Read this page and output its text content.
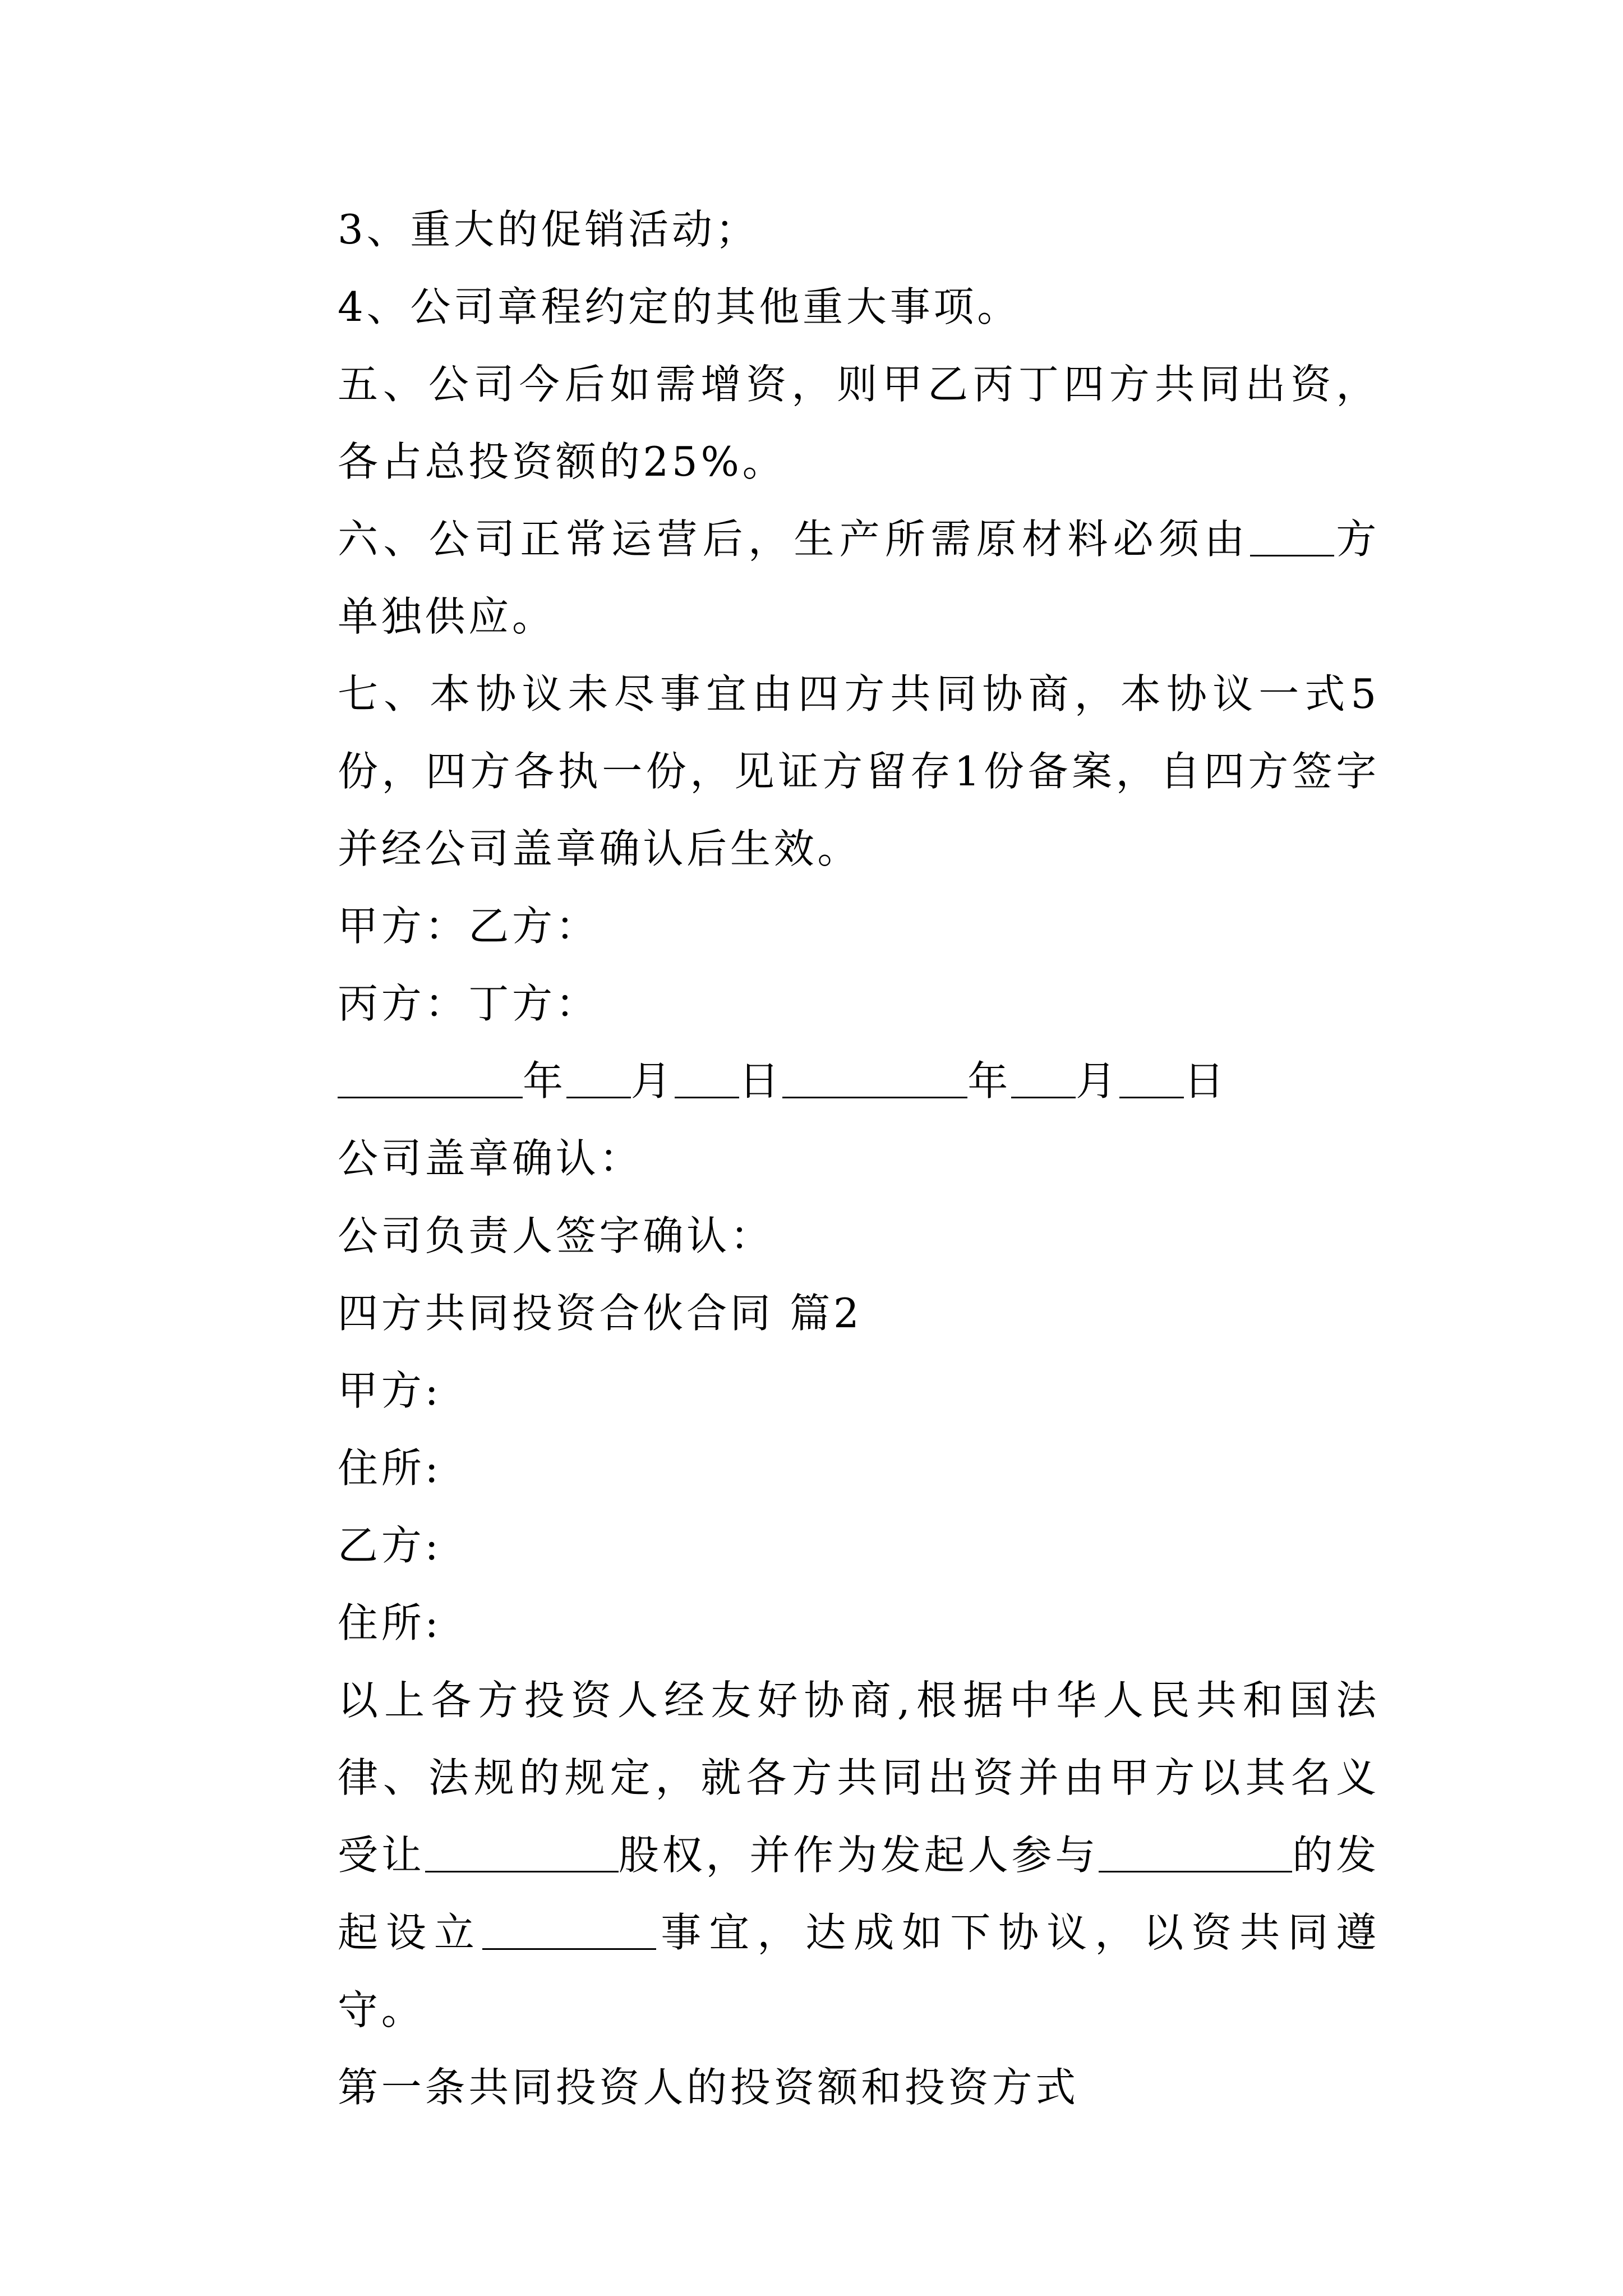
3、重大的促销活动；

4、公司章程约定的其他重大事项。

五、公司今后如需增资，则甲乙丙丁四方共同出资，各占总投资额的25%。

六、公司正常运营后，生产所需原材料必须由 方单独供应。

七、本协议未尽事宜由四方共同协商，本协议一式5份，四方各执一份，见证方留存1份备案，自四方签字并经公司盖章确认后生效。

甲方：乙方：

丙方：丁方：

年 月 日	年 月 日

公司盖章确认：

公司负责人签字确认：

四方共同投资合伙合同 篇2

甲方:

住所:

乙方:

住所:

以上各方投资人经友好协商,根据中华人民共和国法律、法规的规定，就各方共同出资并由甲方以其名义受让	股权，并作为发起人参与	的发起设立	事宜，达成如下协议，以资共同遵守。

第一条共同投资人的投资额和投资方式
